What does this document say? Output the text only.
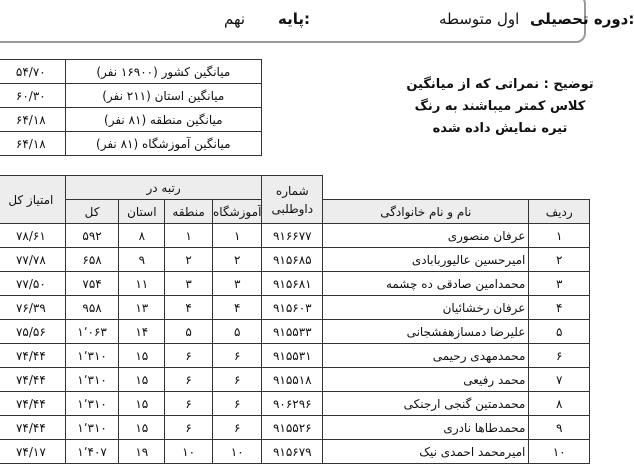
دوره تحصیلی:
اول متوسطه
پایه:
نهم
۵۴/۷۰	میانگین کشور (۱۶۹۰۰ نفر)
۶۰/۳۰	میانگین استان (۲۱۱ نفر)
۶۴/۱۸	میانگین منطقه (۸۱ نفر)
۶۴/۱۸	میانگین آموزشگاه (۸۱ نفر)
توضیح : نمراتی که از میانگین
کلاس کمتر میباشند به رنگ
تیره نمایش داده شده
امتیاز کل	رتبه در				شماره داوطلبی		
	کل	استان	منطقه	آموزشگاه		نام و نام خانوادگی	ردیف
۷۸/۶۱	۵۹۲	۸	۱	۱	۹۱۶۶۷۷	عرفان منصوری	۱
۷۷/۷۸	۶۵۸	۹	۲	۲	۹۱۵۶۸۵	امیرحسین عالیوربابادی	۲
۷۷/۵۰	۷۵۴	۱۱	۳	۳	۹۱۵۶۸۱	محمدامین صادقی ده چشمه	۳
۷۶/۳۹	۹۵۸	۱۳	۴	۴	۹۱۵۶۰۳	عرفان رخشائیان	۴
۷۵/۵۶	۱٬۰۶۳	۱۴	۵	۵	۹۱۵۵۳۳	علیرضا دمسازهفشجانی	۵
۷۴/۴۴	۱٬۳۱۰	۱۵	۶	۶	۹۱۵۵۳۱	محمدمهدی رحیمی	۶
۷۴/۴۴	۱٬۳۱۰	۱۵	۶	۶	۹۱۵۵۱۸	محمد رفیعی	۷
۷۴/۴۴	۱٬۳۱۰	۱۵	۶	۶	۹۰۶۲۹۶	محمدمتین گنجی ارجنکی	۸
۷۴/۴۴	۱٬۳۱۰	۱۵	۶	۶	۹۱۵۵۲۶	محمدطاها نادری	۹
۷۴/۱۷	۱٬۴۰۷	۱۹	۱۰	۱۰	۹۱۵۶۷۹	امیرمحمد احمدی نیک	۱۰
